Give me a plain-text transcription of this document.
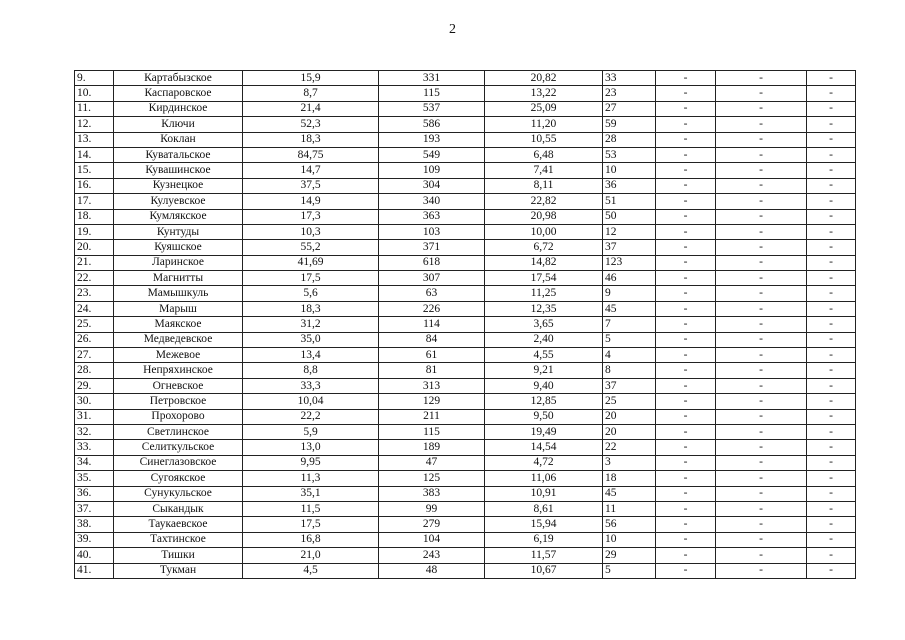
2
9.	Картабызское	15,9	331	20,82	33	-	-	-
10.	Каспаровское	8,7	115	13,22	23	-	-	-
11.	Кирдинское	21,4	537	25,09	27	-	-	-
12.	Ключи	52,3	586	11,20	59	-	-	-
13.	Коклан	18,3	193	10,55	28	-	-	-
14.	Куватальское	84,75	549	6,48	53	-	-	-
15.	Кувашинское	14,7	109	7,41	10	-	-	-
16.	Кузнецкое	37,5	304	8,11	36	-	-	-
17.	Кулуевское	14,9	340	22,82	51	-	-	-
18.	Кумлякское	17,3	363	20,98	50	-	-	-
19.	Кунтуды	10,3	103	10,00	12	-	-	-
20.	Куяшское	55,2	371	6,72	37	-	-	-
21.	Ларинское	41,69	618	14,82	123	-	-	-
22.	Магнитты	17,5	307	17,54	46	-	-	-
23.	Мамышкуль	5,6	63	11,25	9	-	-	-
24.	Марыш	18,3	226	12,35	45	-	-	-
25.	Маякское	31,2	114	3,65	7	-	-	-
26.	Медведевское	35,0	84	2,40	5	-	-	-
27.	Межевое	13,4	61	4,55	4	-	-	-
28.	Непряхинское	8,8	81	9,21	8	-	-	-
29.	Огневское	33,3	313	9,40	37	-	-	-
30.	Петровское	10,04	129	12,85	25	-	-	-
31.	Прохорово	22,2	211	9,50	20	-	-	-
32.	Светлинское	5,9	115	19,49	20	-	-	-
33.	Селиткульское	13,0	189	14,54	22	-	-	-
34.	Синеглазовское	9,95	47	4,72	3	-	-	-
35.	Сугоякское	11,3	125	11,06	18	-	-	-
36.	Сунукульское	35,1	383	10,91	45	-	-	-
37.	Сыкандык	11,5	99	8,61	11	-	-	-
38.	Таукаевское	17,5	279	15,94	56	-	-	-
39.	Тахтинское	16,8	104	6,19	10	-	-	-
40.	Тишки	21,0	243	11,57	29	-	-	-
41.	Тукман	4,5	48	10,67	5	-	-	-
